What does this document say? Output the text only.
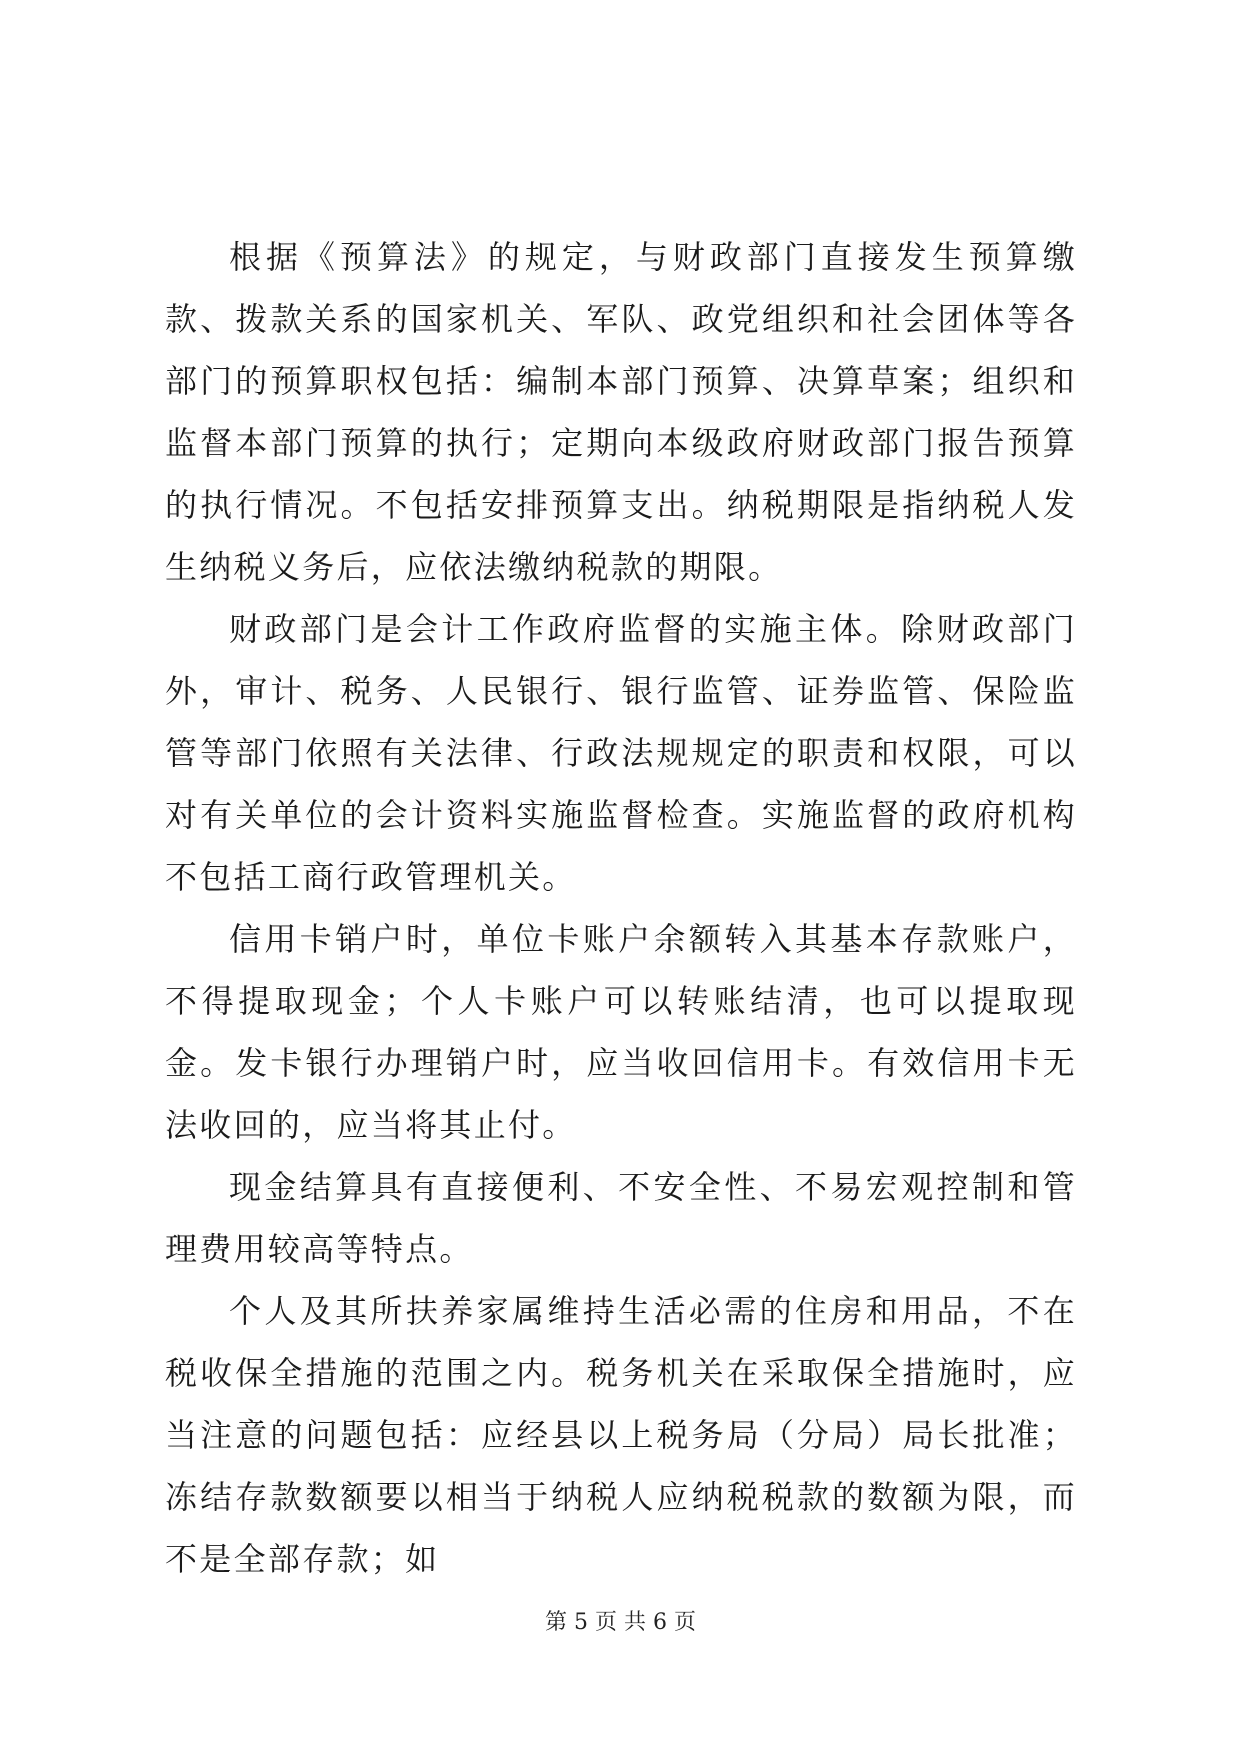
根据《预算法》的规定，与财政部门直接发生预算缴款、拨款关系的国家机关、军队、政党组织和社会团体等各部门的预算职权包括：编制本部门预算、决算草案；组织和监督本部门预算的执行；定期向本级政府财政部门报告预算的执行情况。不包括安排预算支出。纳税期限是指纳税人发生纳税义务后，应依法缴纳税款的期限。

财政部门是会计工作政府监督的实施主体。除财政部门外，审计、税务、人民银行、银行监管、证券监管、保险监管等部门依照有关法律、行政法规规定的职责和权限，可以对有关单位的会计资料实施监督检查。实施监督的政府机构不包括工商行政管理机关。

信用卡销户时，单位卡账户余额转入其基本存款账户，不得提取现金；个人卡账户可以转账结清，也可以提取现金。发卡银行办理销户时，应当收回信用卡。有效信用卡无法收回的，应当将其止付。

现金结算具有直接便利、不安全性、不易宏观控制和管理费用较高等特点。

个人及其所扶养家属维持生活必需的住房和用品，不在税收保全措施的范围之内。税务机关在采取保全措施时，应当注意的问题包括：应经县以上税务局（分局）局长批准；冻结存款数额要以相当于纳税人应纳税税款的数额为限，而不是全部存款；如

第 5 页 共 6 页
